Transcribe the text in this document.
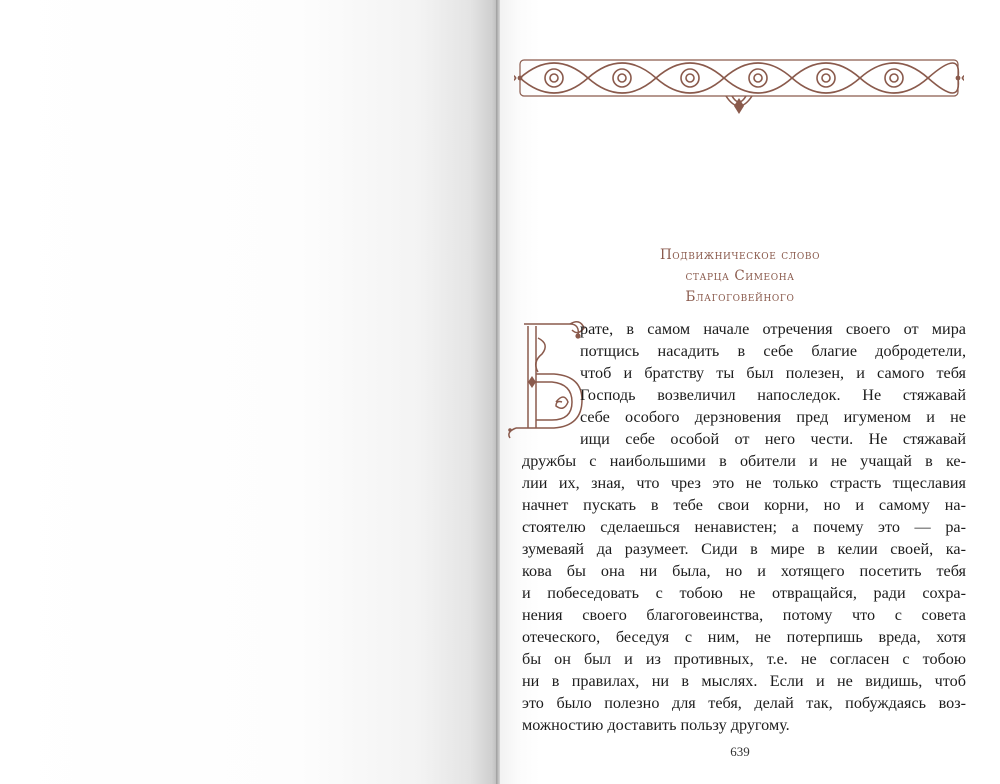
Подвижническое слово
старца Симеона
Благоговейного
рате, в самом начале отречения своего от мира
потщись насадить в себе благие добродетели,
чтоб и братству ты был полезен, и самого тебя
Господь возвеличил напоследок. Не стяжавай
себе особого дерзновения пред игуменом и не
ищи себе особой от него чести. Не стяжавай
дружбы с наибольшими в обители и не учащай в ке-
лии их, зная, что чрез это не только страсть тщеславия
начнет пускать в тебе свои корни, но и самому на-
стоятелю сделаешься ненавистен; а почему это — ра-
зумеваяй да разумеет. Сиди в мире в келии своей, ка-
кова бы она ни была, но и хотящего посетить тебя
и побеседовать с тобою не отвращайся, ради сохра-
нения своего благоговеинства, потому что с совета
отеческого, беседуя с ним, не потерпишь вреда, хотя
бы он был и из противных, т.е. не согласен с тобою
ни в правилах, ни в мыслях. Если и не видишь, чтоб
это было полезно для тебя, делай так, побуждаясь воз-
можностию доставить пользу другому.
639
